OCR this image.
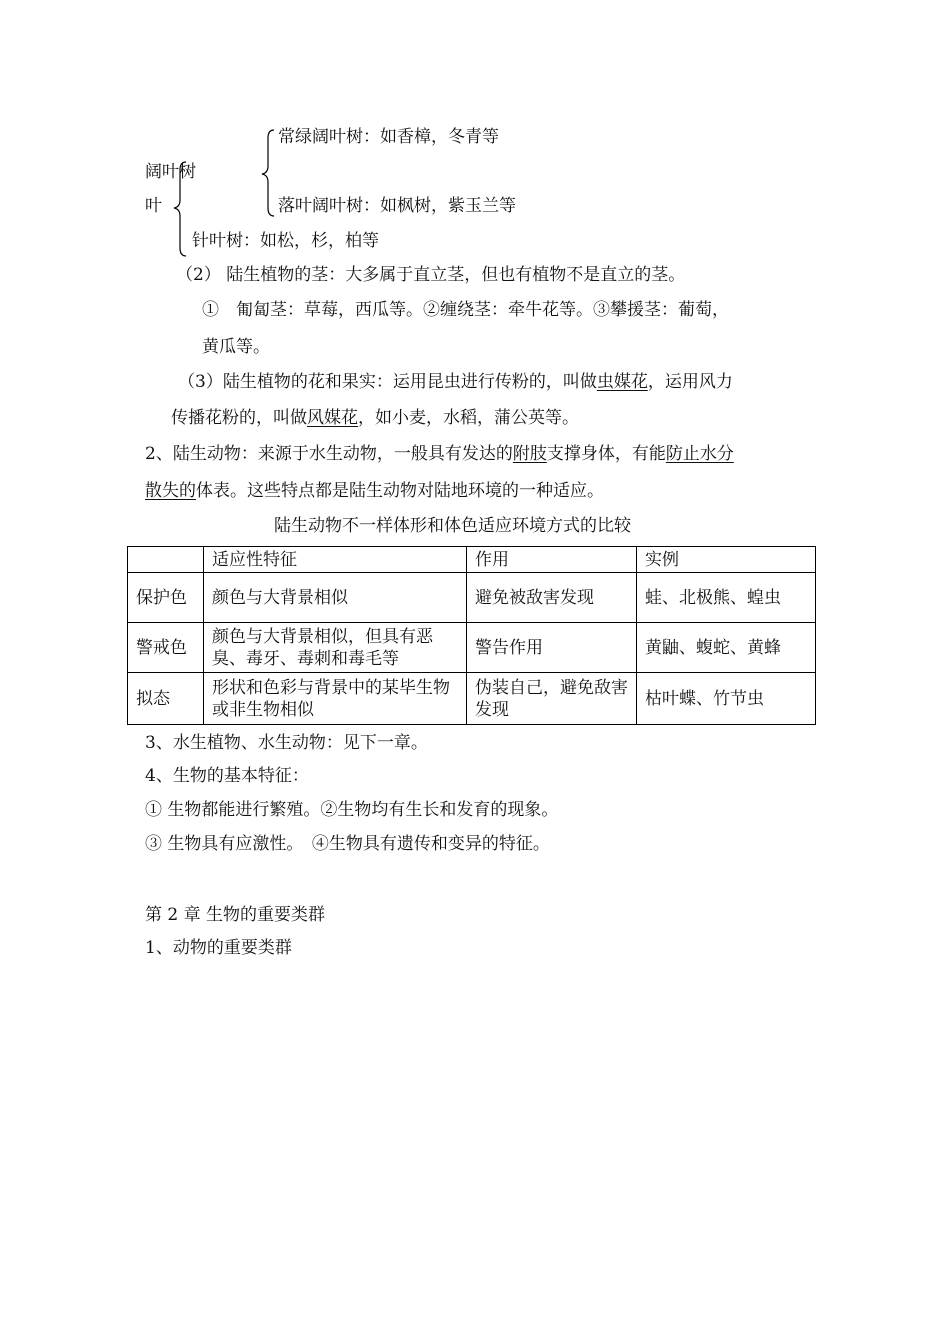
常绿阔叶树：如香樟，冬青等
阔叶树
叶	落叶阔叶树：如枫树，紫玉兰等
针叶树：如松，杉，柏等
（2） 陆生植物的茎：大多属于直立茎，但也有植物不是直立的茎。
①　匍匐茎：草莓，西瓜等。②缠绕茎：牵牛花等。③攀援茎：葡萄，
黄瓜等。
（3）陆生植物的花和果实：运用昆虫进行传粉的，叫做虫媒花，运用风力
传播花粉的，叫做风媒花，如小麦，水稻，蒲公英等。
2、陆生动物：来源于水生动物，一般具有发达的附肢支撑身体，有能防止水分
散失的体表。这些特点都是陆生动物对陆地环境的一种适应。
陆生动物不一样体形和体色适应环境方式的比较
	适应性特征	作用	实例
保护色	颜色与大背景相似	避免被敌害发现	蛙、北极熊、蝗虫
警戒色	颜色与大背景相似，但具有恶臭、毒牙、毒刺和毒毛等	警告作用	黄鼬、蝮蛇、黄蜂
拟态	形状和色彩与背景中的某毕生物或非生物相似	伪装自己，避免敌害发现	枯叶蝶、竹节虫
3、水生植物、水生动物：见下一章。
4、生物的基本特征：
① 生物都能进行繁殖。②生物均有生长和发育的现象。
③ 生物具有应激性。　④生物具有遗传和变异的特征。
第 2 章 生物的重要类群
1、动物的重要类群
